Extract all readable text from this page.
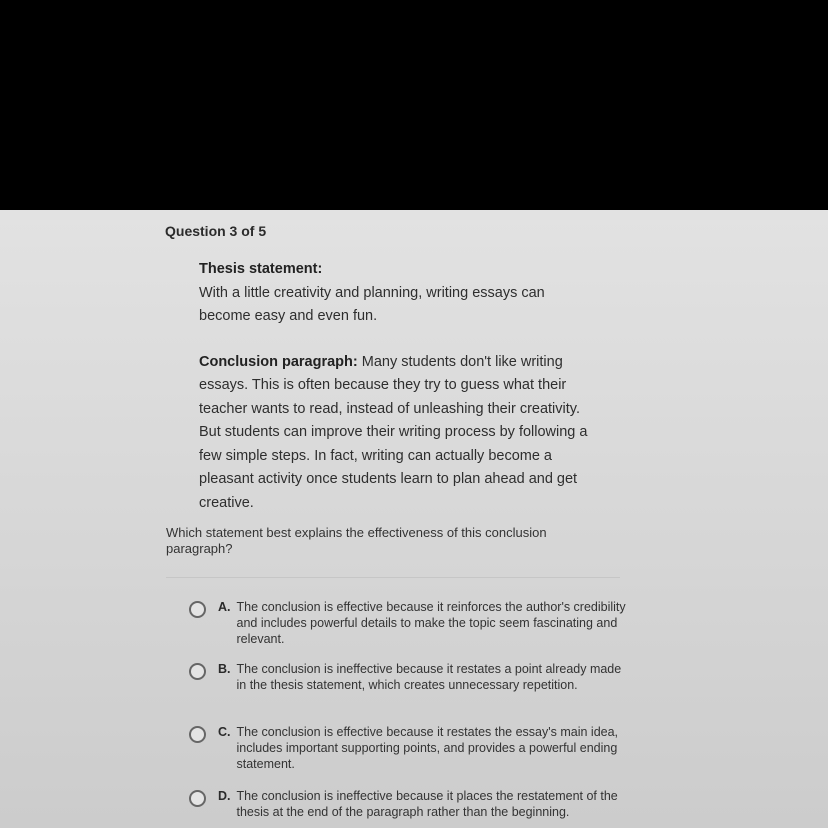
Question 3 of 5

Thesis statement:

With a little creativity and planning, writing essays can become easy and even fun.

Conclusion paragraph: Many students don't like writing essays. This is often because they try to guess what their teacher wants to read, instead of unleashing their creativity. But students can improve their writing process by following a few simple steps. In fact, writing can actually become a pleasant activity once students learn to plan ahead and get creative.

Which statement best explains the effectiveness of this conclusion paragraph?
A. The conclusion is effective because it reinforces the author's credibility and includes powerful details to make the topic seem fascinating and relevant.
B. The conclusion is ineffective because it restates a point already made in the thesis statement, which creates unnecessary repetition.
C. The conclusion is effective because it restates the essay's main idea, includes important supporting points, and provides a powerful ending statement.
D. The conclusion is ineffective because it places the restatement of the thesis at the end of the paragraph rather than the beginning.
